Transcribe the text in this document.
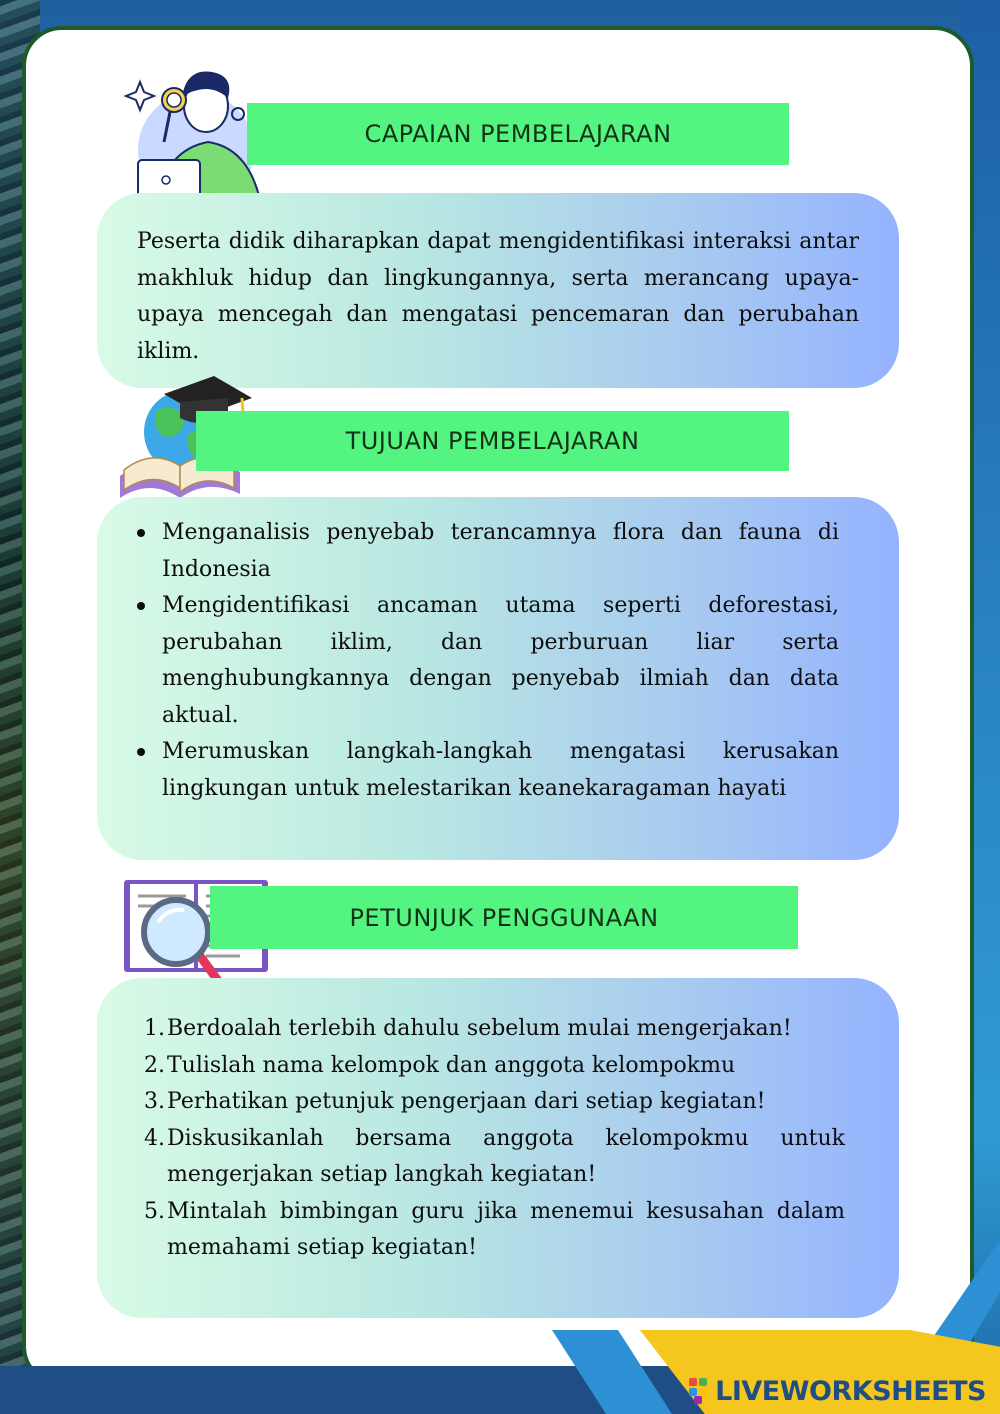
CAPAIAN PEMBELAJARAN
Peserta didik diharapkan dapat mengidentifikasi interaksi antar makhluk hidup dan lingkungannya, serta merancang upaya-upaya mencegah dan mengatasi pencemaran dan perubahan iklim.
TUJUAN PEMBELAJARAN
Menganalisis penyebab terancamnya flora dan fauna di Indonesia
Mengidentifikasi ancaman utama seperti deforestasi, perubahan iklim, dan perburuan liar serta menghubungkannya dengan penyebab ilmiah dan data aktual.
Merumuskan langkah-langkah mengatasi kerusakan lingkungan untuk melestarikan keanekaragaman hayati
PETUNJUK PENGGUNAAN
1. Berdoalah terlebih dahulu sebelum mulai mengerjakan!
2. Tulislah nama kelompok dan anggota kelompokmu
3. Perhatikan petunjuk pengerjaan dari setiap kegiatan!
4. Diskusikanlah bersama anggota kelompokmu untuk mengerjakan setiap langkah kegiatan!
5. Mintalah bimbingan guru jika menemui kesusahan dalam memahami setiap kegiatan!
LIVEWORKSHEETS
